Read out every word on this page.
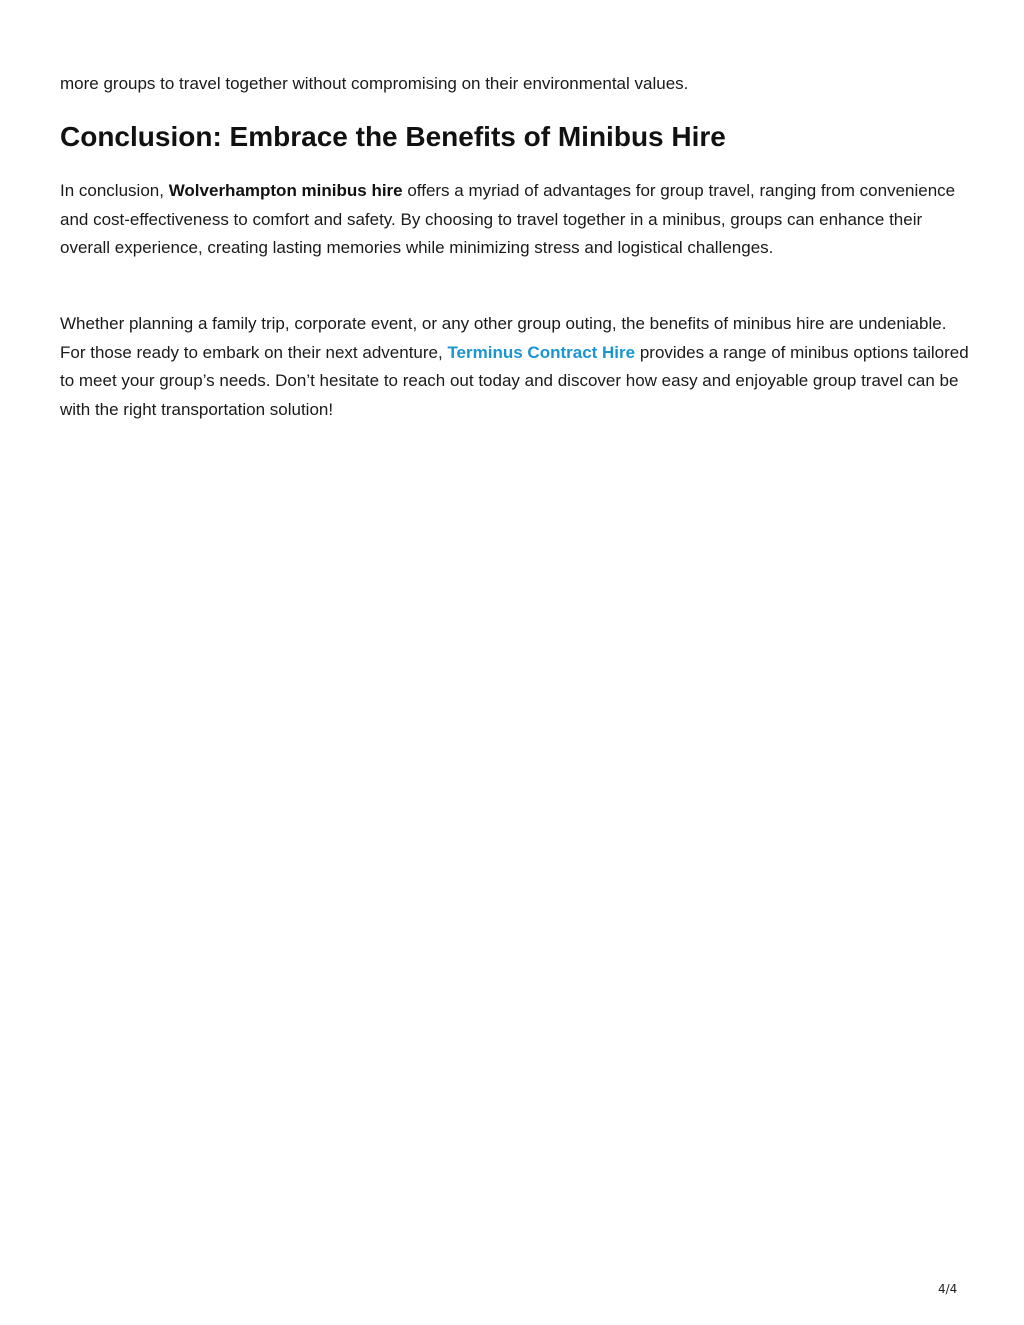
more groups to travel together without compromising on their environmental values.

Conclusion: Embrace the Benefits of Minibus Hire

In conclusion, Wolverhampton minibus hire offers a myriad of advantages for group travel, ranging from convenience and cost-effectiveness to comfort and safety. By choosing to travel together in a minibus, groups can enhance their overall experience, creating lasting memories while minimizing stress and logistical challenges.

Whether planning a family trip, corporate event, or any other group outing, the benefits of minibus hire are undeniable. For those ready to embark on their next adventure, Terminus Contract Hire provides a range of minibus options tailored to meet your group’s needs. Don’t hesitate to reach out today and discover how easy and enjoyable group travel can be with the right transportation solution!

4/4
